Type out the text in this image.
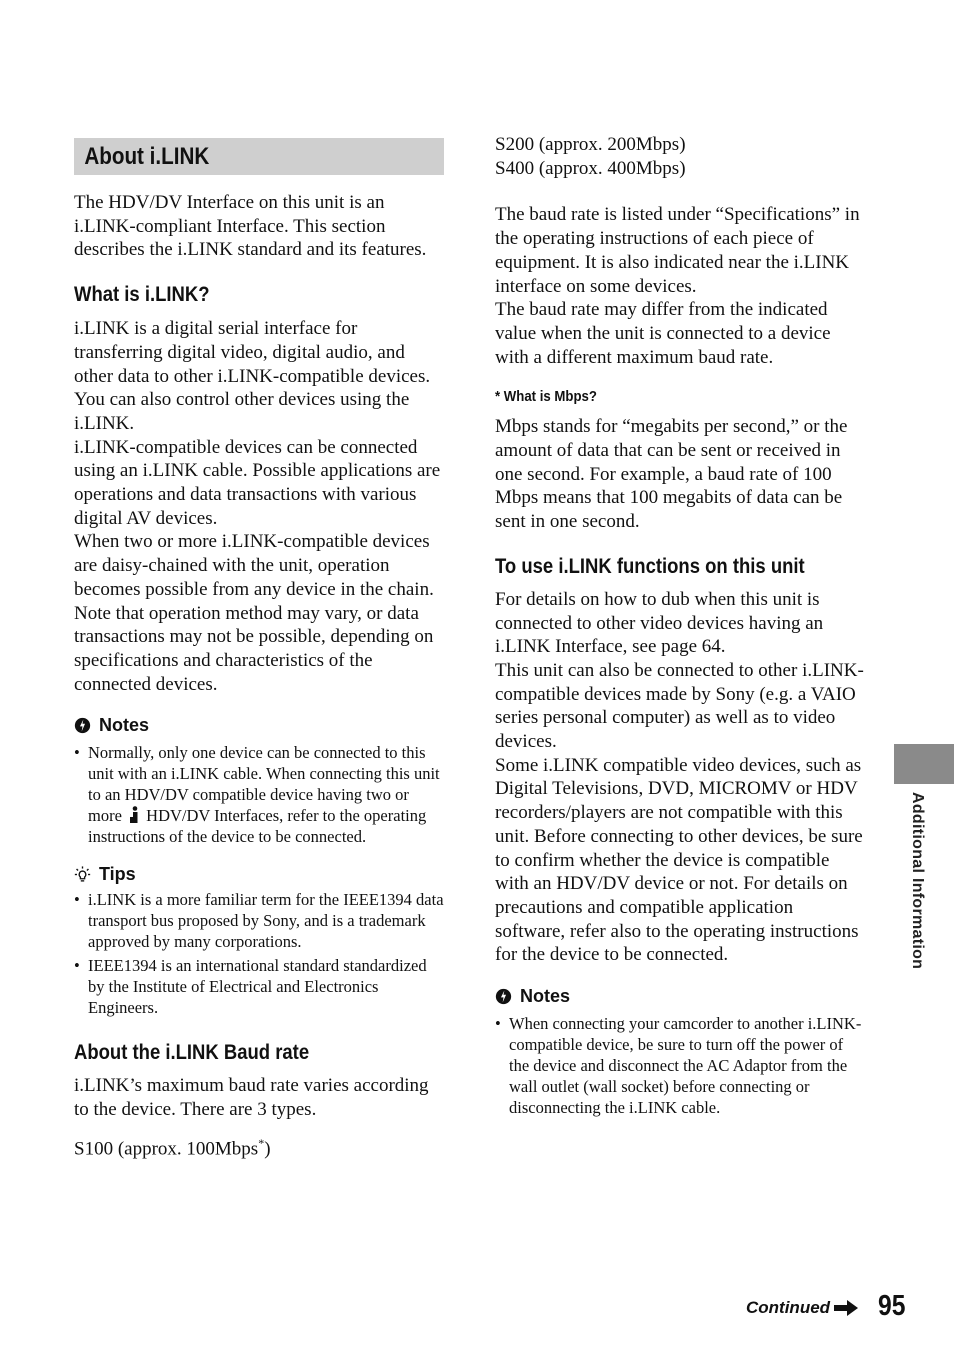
About i.LINK

The HDV/DV Interface on this unit is an i.LINK-compliant Interface. This section describes the i.LINK standard and its features.

What is i.LINK?

i.LINK is a digital serial interface for transferring digital video, digital audio, and other data to other i.LINK-compatible devices. You can also control other devices using the i.LINK.

i.LINK-compatible devices can be connected using an i.LINK cable. Possible applications are operations and data transactions with various digital AV devices.

When two or more i.LINK-compatible devices are daisy-chained with the unit, operation becomes possible from any device in the chain. Note that operation method may vary, or data transactions may not be possible, depending on specifications and characteristics of the connected devices.

Notes
• Normally, only one device can be connected to this unit with an i.LINK cable. When connecting this unit to an HDV/DV compatible device having two or more HDV/DV Interfaces, refer to the operating instructions of the device to be connected.
Tips
• i.LINK is a more familiar term for the IEEE1394 data transport bus proposed by Sony, and is a trademark approved by many corporations.
• IEEE1394 is an international standard standardized by the Institute of Electrical and Electronics Engineers.

About the i.LINK Baud rate

i.LINK’s maximum baud rate varies according to the device. There are 3 types.

S100 (approx. 100Mbps*)

S200 (approx. 200Mbps)

S400 (approx. 400Mbps)

The baud rate is listed under “Specifications” in the operating instructions of each piece of equipment. It is also indicated near the i.LINK interface on some devices.

The baud rate may differ from the indicated value when the unit is connected to a device with a different maximum baud rate.

* What is Mbps?

Mbps stands for “megabits per second,” or the amount of data that can be sent or received in one second. For example, a baud rate of 100 Mbps means that 100 megabits of data can be sent in one second.

To use i.LINK functions on this unit

For details on how to dub when this unit is connected to other video devices having an i.LINK Interface, see page 64.

This unit can also be connected to other i.LINK-compatible devices made by Sony (e.g. a VAIO series personal computer) as well as to video devices.

Some i.LINK compatible video devices, such as Digital Televisions, DVD, MICROMV or HDV recorders/players are not compatible with this unit. Before connecting to other devices, be sure to confirm whether the device is compatible with an HDV/DV device or not. For details on precautions and compatible application software, refer also to the operating instructions for the device to be connected.

Notes
• When connecting your camcorder to another i.LINK-compatible device, be sure to turn off the power of the device and disconnect the AC Adaptor from the wall outlet (wall socket) before connecting or disconnecting the i.LINK cable.
Additional Information
Continued 95
